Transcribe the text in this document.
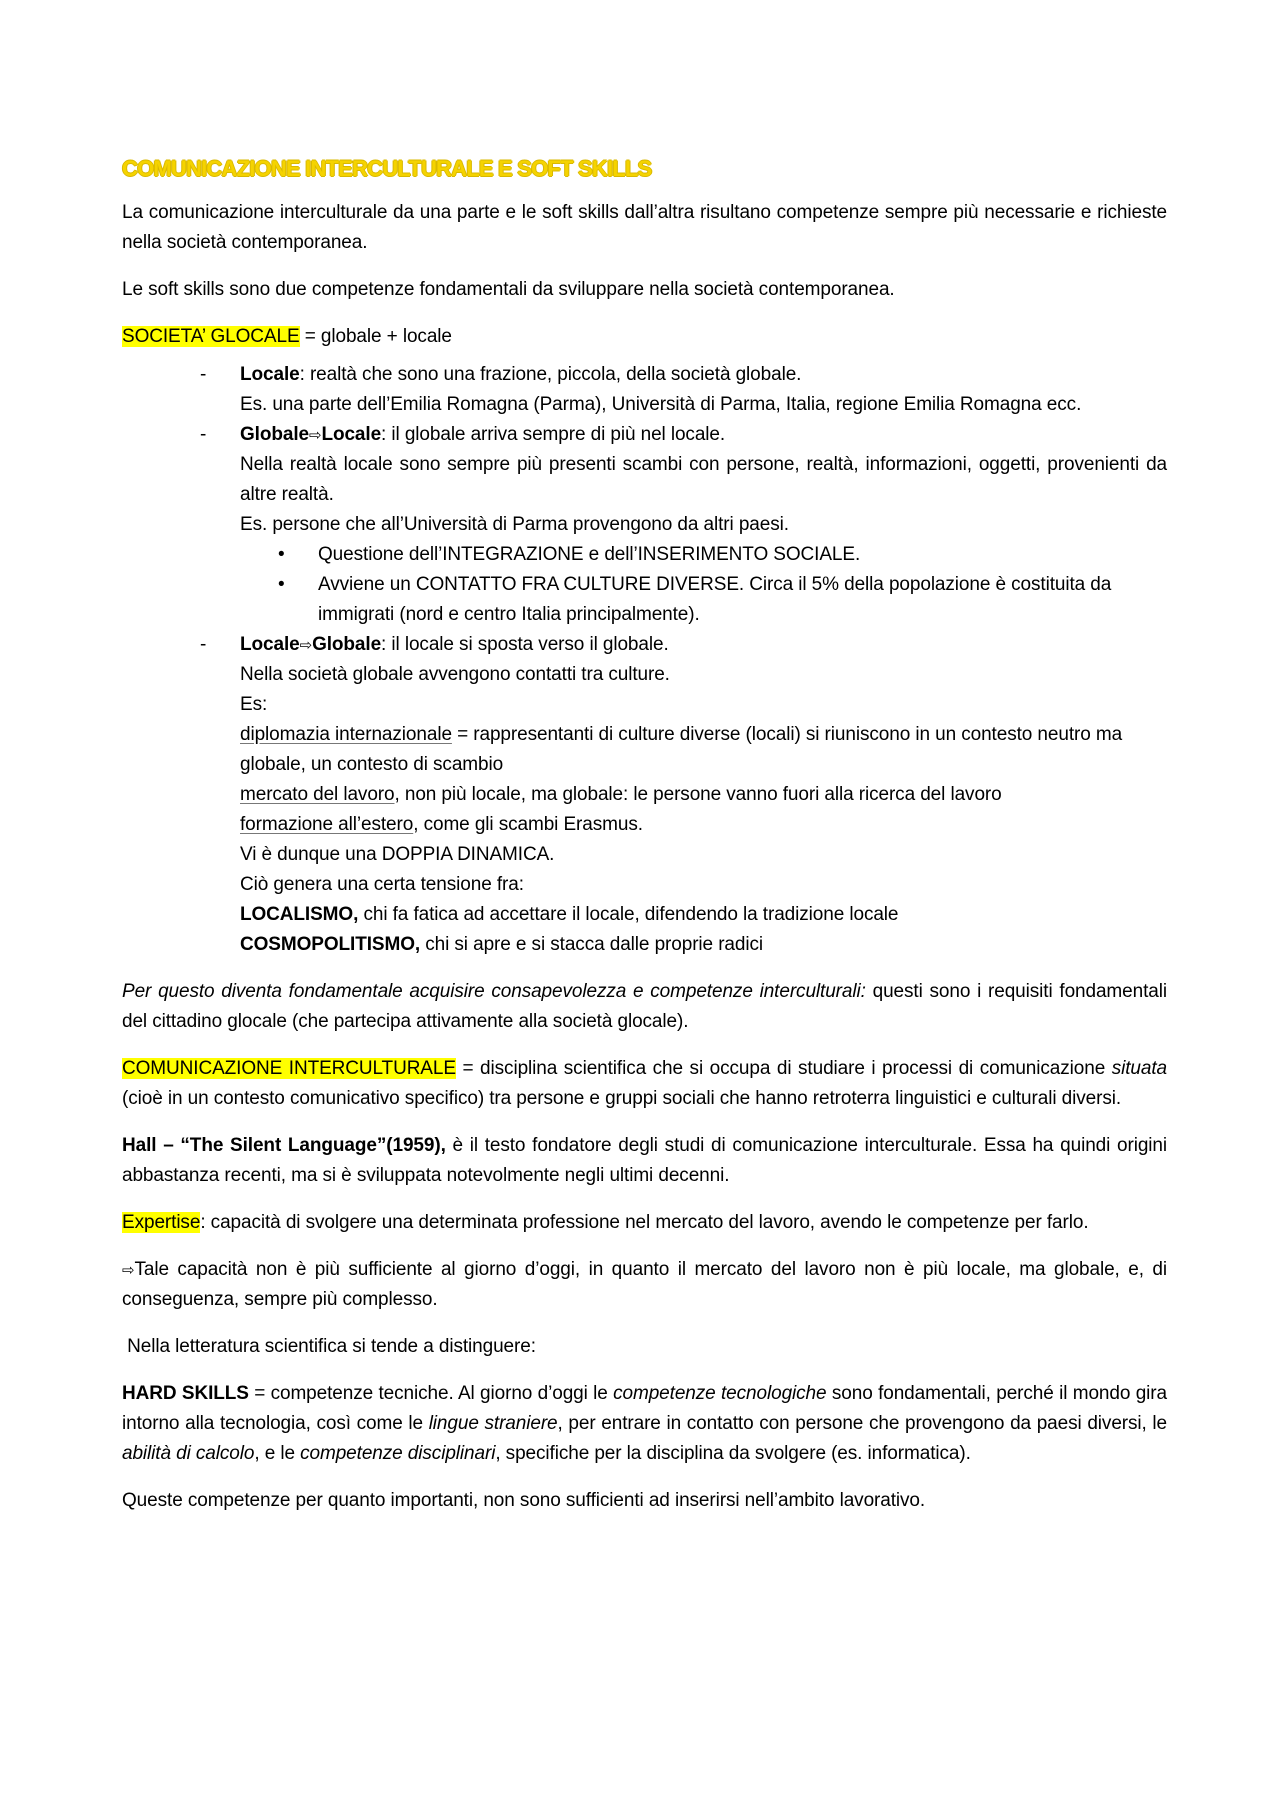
COMUNICAZIONE INTERCULTURALE E SOFT SKILLS

La comunicazione interculturale da una parte e le soft skills dall’altra risultano competenze sempre più necessarie e richieste nella società contemporanea.

Le soft skills sono due competenze fondamentali da sviluppare nella società contemporanea.

SOCIETA’ GLOCALE = globale + locale

- Locale: realtà che sono una frazione, piccola, della società globale.
Es. una parte dell’Emilia Romagna (Parma), Università di Parma, Italia, regione Emilia Romagna ecc.
- Globale⇨Locale: il globale arriva sempre di più nel locale.

Nella realtà locale sono sempre più presenti scambi con persone, realtà, informazioni, oggetti, provenienti da altre realtà.
Es. persone che all’Università di Parma provengono da altri paesi.
• Questione dell’INTEGRAZIONE e dell’INSERIMENTO SOCIALE.
• Avviene un CONTATTO FRA CULTURE DIVERSE. Circa il 5% della popolazione è costituita da immigrati (nord e centro Italia principalmente).
- Locale⇨Globale: il locale si sposta verso il globale.
Nella società globale avvengono contatti tra culture.
Es:
diplomazia internazionale = rappresentanti di culture diverse (locali) si riuniscono in un contesto neutro ma globale, un contesto di scambio
mercato del lavoro, non più locale, ma globale: le persone vanno fuori alla ricerca del lavoro
formazione all’estero, come gli scambi Erasmus.
Vi è dunque una DOPPIA DINAMICA.
Ciò genera una certa tensione fra:
LOCALISMO, chi fa fatica ad accettare il locale, difendendo la tradizione locale
COSMOPOLITISMO, chi si apre e si stacca dalle proprie radici

Per questo diventa fondamentale acquisire consapevolezza e competenze interculturali: questi sono i requisiti fondamentali del cittadino glocale (che partecipa attivamente alla società glocale).

COMUNICAZIONE INTERCULTURALE = disciplina scientifica che si occupa di studiare i processi di comunicazione situata (cioè in un contesto comunicativo specifico) tra persone e gruppi sociali che hanno retroterra linguistici e culturali diversi.

Hall – “The Silent Language”(1959), è il testo fondatore degli studi di comunicazione interculturale. Essa ha quindi origini abbastanza recenti, ma si è sviluppata notevolmente negli ultimi decenni.

Expertise: capacità di svolgere una determinata professione nel mercato del lavoro, avendo le competenze per farlo.

⇨Tale capacità non è più sufficiente al giorno d’oggi, in quanto il mercato del lavoro non è più locale, ma globale, e, di conseguenza, sempre più complesso.

Nella letteratura scientifica si tende a distinguere:

HARD SKILLS = competenze tecniche. Al giorno d’oggi le competenze tecnologiche sono fondamentali, perché il mondo gira intorno alla tecnologia, così come le lingue straniere, per entrare in contatto con persone che provengono da paesi diversi, le abilità di calcolo, e le competenze disciplinari, specifiche per la disciplina da svolgere (es. informatica).

Queste competenze per quanto importanti, non sono sufficienti ad inserirsi nell’ambito lavorativo.
